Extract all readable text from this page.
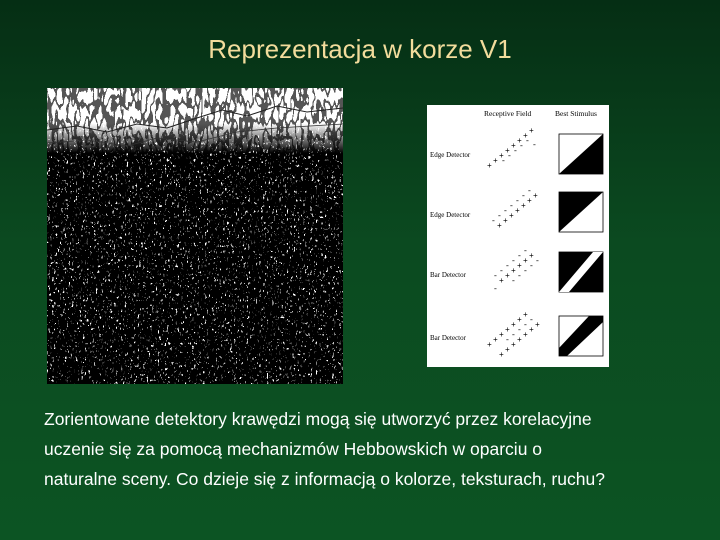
Reprezentacja w korze V1
Receptive Field	Best Stimulus
Edge Detector
+
+
+
+
+
+
+
+
-
-
-
-
-
-
Edge Detector
-
-
-
-
-
-
-
+
+
+
+
+
+
+
Bar Detector
-
-
-
-
-
-
+
+
+
+
+
+
-
-
-
-
-
-
Bar Detector
+
+
+
+
+
+
+
-
-
-
-
-
+
+
+
+
+
+
+
Zorientowane detektory krawędzi mogą się utworzyć przez korelacyjne
uczenie się za pomocą mechanizmów Hebbowskich w oparciu o
naturalne sceny. Co dzieje się z informacją o kolorze, teksturach, ruchu?
